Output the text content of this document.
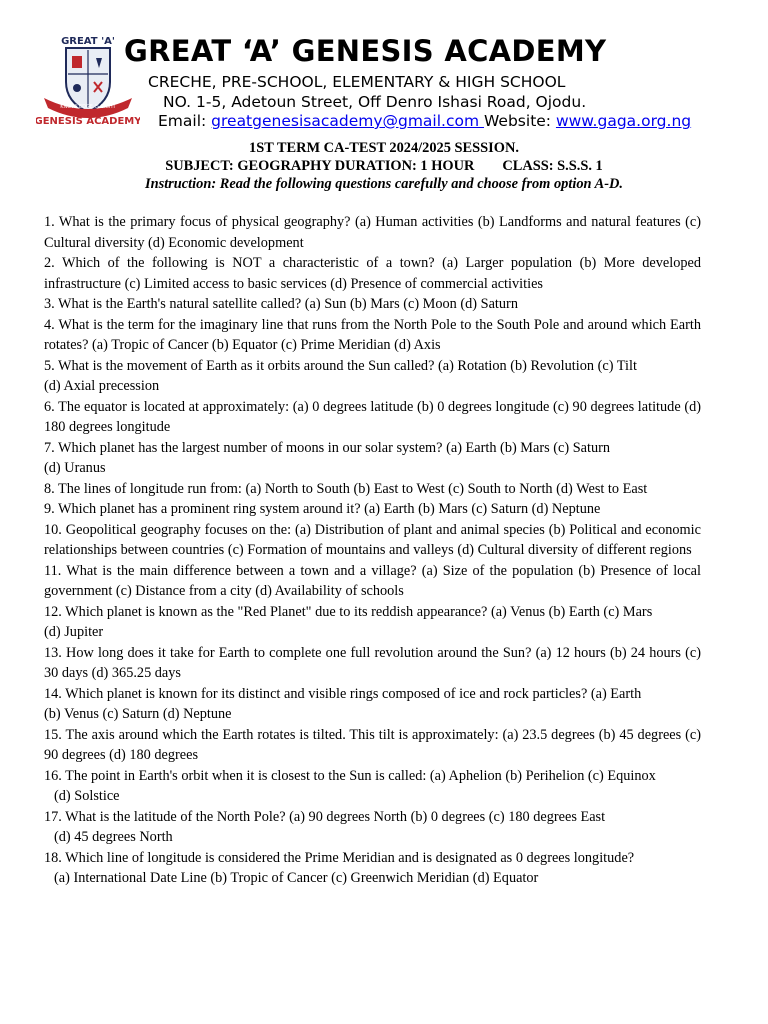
GREAT 'A'
KNOWLEDGE IS LIGHT
GENESIS ACADEMY
GREAT ‘A’ GENESIS ACADEMY
CRECHE, PRE-SCHOOL, ELEMENTARY & HIGH SCHOOL
NO. 1-5, Adetoun Street, Off Denro Ishasi Road, Ojodu.
Email: greatgenesisacademy@gmail.com Website: www.gaga.org.ng
1ST TERM CA-TEST 2024/2025 SESSION.
SUBJECT: GEOGRAPHY DURATION: 1 HOUR CLASS: S.S.S. 1
Instruction: Read the following questions carefully and choose from option A-D.

1. What is the primary focus of physical geography? (a) Human activities (b) Landforms and natural features (c) Cultural diversity (d) Economic development

2. Which of the following is NOT a characteristic of a town? (a) Larger population (b) More developed infrastructure (c) Limited access to basic services (d) Presence of commercial activities

3. What is the Earth's natural satellite called? (a) Sun (b) Mars (c) Moon (d) Saturn

4. What is the term for the imaginary line that runs from the North Pole to the South Pole and around which Earth rotates? (a) Tropic of Cancer (b) Equator (c) Prime Meridian (d) Axis

5. What is the movement of Earth as it orbits around the Sun called? (a) Rotation (b) Revolution (c) Tilt
(d) Axial precession

6. The equator is located at approximately: (a) 0 degrees latitude (b) 0 degrees longitude (c) 90 degrees latitude (d) 180 degrees longitude

7. Which planet has the largest number of moons in our solar system? (a) Earth (b) Mars (c) Saturn
(d) Uranus

8. The lines of longitude run from: (a) North to South (b) East to West (c) South to North (d) West to East

9. Which planet has a prominent ring system around it? (a) Earth (b) Mars (c) Saturn (d) Neptune

10. Geopolitical geography focuses on the: (a) Distribution of plant and animal species (b) Political and economic relationships between countries (c) Formation of mountains and valleys (d) Cultural diversity of different regions

11. What is the main difference between a town and a village? (a) Size of the population (b) Presence of local government (c) Distance from a city (d) Availability of schools

12. Which planet is known as the "Red Planet" due to its reddish appearance? (a) Venus (b) Earth (c) Mars
(d) Jupiter

13. How long does it take for Earth to complete one full revolution around the Sun? (a) 12 hours (b) 24 hours (c) 30 days (d) 365.25 days

14. Which planet is known for its distinct and visible rings composed of ice and rock particles? (a) Earth
(b) Venus (c) Saturn (d) Neptune

15. The axis around which the Earth rotates is tilted. This tilt is approximately: (a) 23.5 degrees (b) 45 degrees (c) 90 degrees (d) 180 degrees

16. The point in Earth's orbit when it is closest to the Sun is called: (a) Aphelion (b) Perihelion (c) Equinox
(d) Solstice

17. What is the latitude of the North Pole? (a) 90 degrees North (b) 0 degrees (c) 180 degrees East
(d) 45 degrees North

18. Which line of longitude is considered the Prime Meridian and is designated as 0 degrees longitude?
(a) International Date Line (b) Tropic of Cancer (c) Greenwich Meridian (d) Equator
